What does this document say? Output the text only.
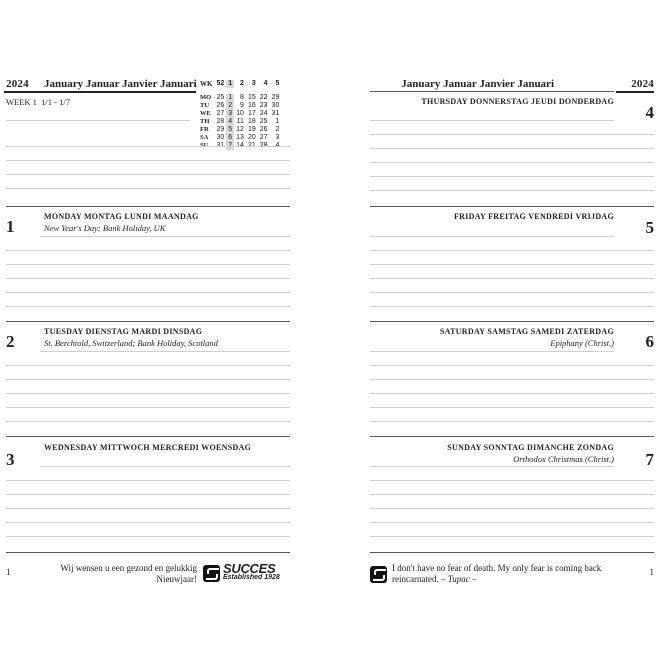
2024 January Januar Janvier Januari
WEEK 1 1/1 - 1/7
WK	52	1	2	3	4	5

MO	25	1	8	15	22	29
TU	26	2	9	16	23	30
WE	27	3	10	17	24	31
TH	28	4	11	18	25	1
FR	29	5	12	19	26	2
SA	30	6	13	20	27	3

1
MONDAY MONTAG LUNDI MAANDAG
New Year's Day; Bank Holiday, UK
2
TUESDAY DIENSTAG MARDI DINSDAG
St. Berchtold, Switzerland; Bank Holiday, Scotland
3
WEDNESDAY MITTWOCH MERCREDI WOENSDAG
1	Wij wensen u een gezond en gelukkig
Nieuwjaar!
SUCCES
Established 1928
January Januar Janvier Januari	2024
THURSDAY DONNERSTAG JEUDI DONDERDAG
4
FRIDAY FREITAG VENDREDI VRIJDAG
5
SATURDAY SAMSTAG SAMEDI ZATERDAG
Epiphany (Christ.) 6
SUNDAY SONNTAG DIMANCHE ZONDAG
Orthodox Christmas (Christ.) 7
I don't have no fear of death. My only fear is coming back
reincarnated. – Tupac –
1
